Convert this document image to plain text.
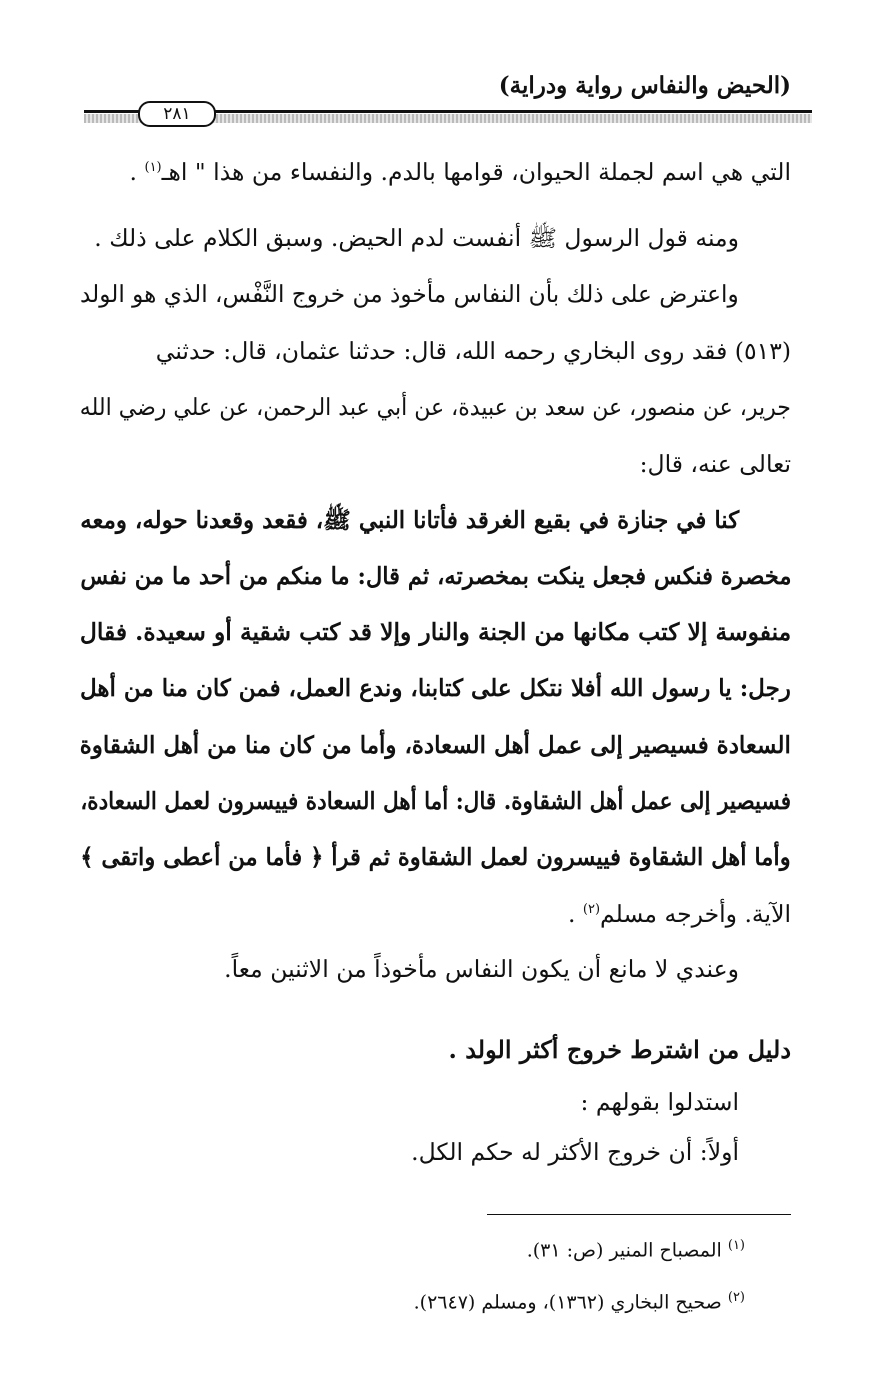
(الحيض والنفاس رواية ودراية)
٢٨١
التي هي اسم لجملة الحيوان، قوامها بالدم. والنفساء من هذا " اهـ$^{(١)}$ .
ومنه قول الرسول ﷺ أنفست لدم الحيض. وسبق الكلام على ذلك .
واعترض على ذلك بأن النفاس مأخوذ من خروج النَّفْس، الذي هو الولد
(٥١٣) فقد روى البخاري رحمه الله، قال: حدثنا عثمان، قال: حدثني
جرير، عن منصور، عن سعد بن عبيدة، عن أبي عبد الرحمن، عن علي رضي الله
تعالى عنه، قال:
كنا في جنازة في بقيع الغرقد فأتانا النبي ﷺ، فقعد وقعدنا حوله، ومعه
مخصرة فنكس فجعل ينكت بمخصرته، ثم قال: ما منكم من أحد ما من نفس
منفوسة إلا كتب مكانها من الجنة والنار وإلا قد كتب شقية أو سعيدة. فقال
رجل: يا رسول الله أفلا نتكل على كتابنا، وندع العمل، فمن كان منا من أهل
السعادة فسيصير إلى عمل أهل السعادة، وأما من كان منا من أهل الشقاوة
فسيصير إلى عمل أهل الشقاوة. قال: أما أهل السعادة فييسرون لعمل السعادة،
وأما أهل الشقاوة فييسرون لعمل الشقاوة ثم قرأ ﴿ فأما من أعطى واتقى ﴾
الآية. وأخرجه مسلم$^{(٢)}$ .
وعندي لا مانع أن يكون النفاس مأخوذاً من الاثنين معاً.
دليل من اشترط خروج أكثر الولد .
استدلوا بقولهم :
أولاً: أن خروج الأكثر له حكم الكل.
$^{(١)}$ المصباح المنير (ص: ٣١).
$^{(٢)}$ صحيح البخاري (١٣٦٢)، ومسلم (٢٦٤٧).
